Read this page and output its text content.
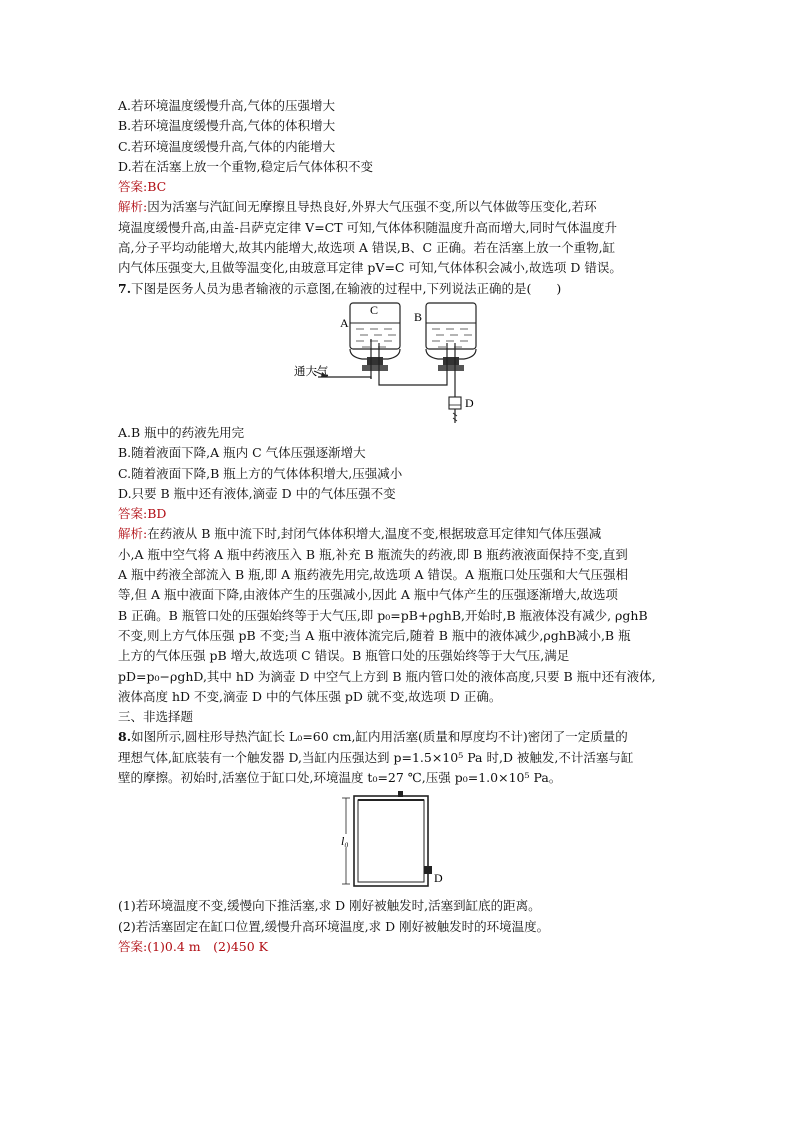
A.若环境温度缓慢升高,气体的压强增大
B.若环境温度缓慢升高,气体的体积增大
C.若环境温度缓慢升高,气体的内能增大
D.若在活塞上放一个重物,稳定后气体体积不变
答案:BC
解析:因为活塞与汽缸间无摩擦且导热良好,外界大气压强不变,所以气体做等压变化,若环
境温度缓慢升高,由盖-吕萨克定律 V=CT 可知,气体体积随温度升高而增大,同时气体温度升
高,分子平均动能增大,故其内能增大,故选项 A 错误,B、C 正确。若在活塞上放一个重物,缸
内气体压强变大,且做等温变化,由玻意耳定律 pV=C 可知,气体体积会减小,故选项 D 错误。
7.下图是医务人员为患者输液的示意图,在输液的过程中,下列说法正确的是(　　)
A
C	B
通大气
D
A.B 瓶中的药液先用完
B.随着液面下降,A 瓶内 C 气体压强逐渐增大
C.随着液面下降,B 瓶上方的气体体积增大,压强减小
D.只要 B 瓶中还有液体,滴壶 D 中的气体压强不变
答案:BD
解析:在药液从 B 瓶中流下时,封闭气体体积增大,温度不变,根据玻意耳定律知气体压强减
小,A 瓶中空气将 A 瓶中药液压入 B 瓶,补充 B 瓶流失的药液,即 B 瓶药液液面保持不变,直到
A 瓶中药液全部流入 B 瓶,即 A 瓶药液先用完,故选项 A 错误。A 瓶瓶口处压强和大气压强相
等,但 A 瓶中液面下降,由液体产生的压强减小,因此 A 瓶中气体产生的压强逐渐增大,故选项
B 正确。B 瓶管口处的压强始终等于大气压,即 p₀=pB+ρghB,开始时,B 瓶液体没有减少, ρghB
不变,则上方气体压强 pB 不变;当 A 瓶中液体流完后,随着 B 瓶中的液体减少,ρghB减小,B 瓶
上方的气体压强 pB 增大,故选项 C 错误。B 瓶管口处的压强始终等于大气压,满足
pD=p₀−ρghD,其中 hD 为滴壶 D 中空气上方到 B 瓶内管口处的液体高度,只要 B 瓶中还有液体,
液体高度 hD 不变,滴壶 D 中的气体压强 pD 就不变,故选项 D 正确。
三、非选择题
8.如图所示,圆柱形导热汽缸长 L₀=60 cm,缸内用活塞(质量和厚度均不计)密闭了一定质量的
理想气体,缸底装有一个触发器 D,当缸内压强达到 p=1.5×10⁵ Pa 时,D 被触发,不计活塞与缸
壁的摩擦。初始时,活塞位于缸口处,环境温度 t₀=27 ℃,压强 p₀=1.0×10⁵ Pa。
l₀
D
(1)若环境温度不变,缓慢向下推活塞,求 D 刚好被触发时,活塞到缸底的距离。
(2)若活塞固定在缸口位置,缓慢升高环境温度,求 D 刚好被触发时的环境温度。
答案:(1)0.4 m　(2)450 K
